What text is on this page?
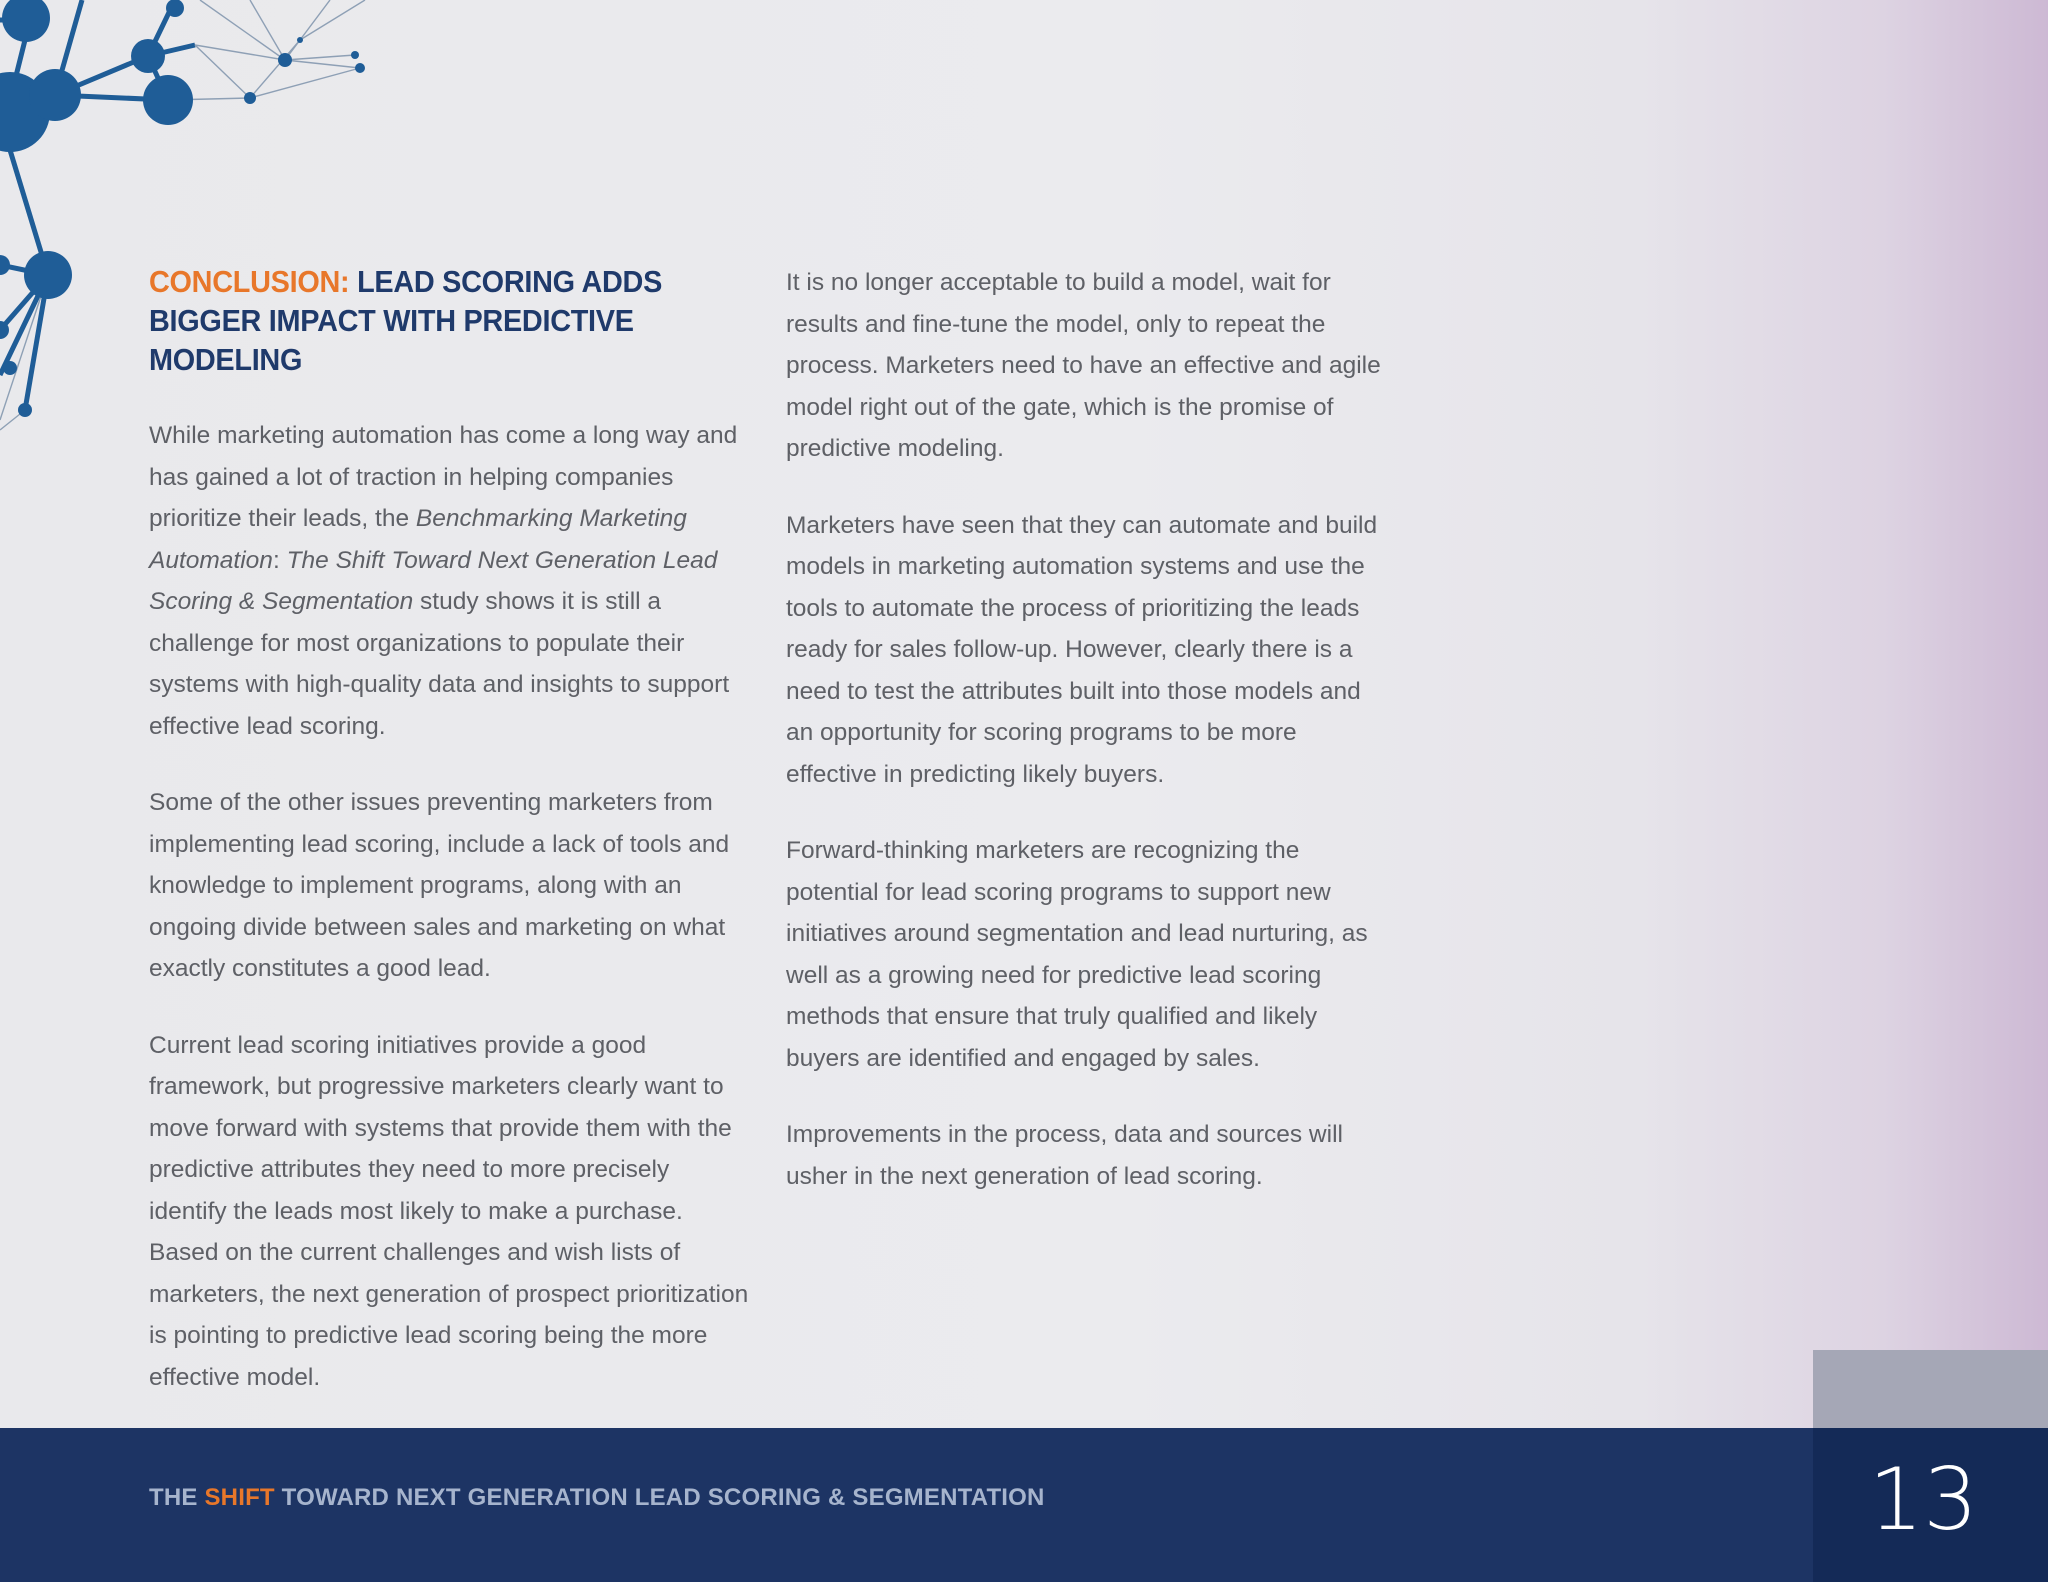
CONCLUSION: LEAD SCORING ADDS BIGGER IMPACT WITH PREDICTIVE MODELING

While marketing automation has come a long way and has gained a lot of traction in helping companies prioritize their leads, the Benchmarking Marketing Automation: The Shift Toward Next Generation Lead Scoring & Segmentation study shows it is still a challenge for most organizations to populate their systems with high-quality data and insights to support effective lead scoring.

Some of the other issues preventing marketers from implementing lead scoring, include a lack of tools and knowledge to implement programs, along with an ongoing divide between sales and marketing on what exactly constitutes a good lead.

Current lead scoring initiatives provide a good framework, but progressive marketers clearly want to move forward with systems that provide them with the predictive attributes they need to more precisely identify the leads most likely to make a purchase. Based on the current challenges and wish lists of marketers, the next generation of prospect prioritization is pointing to predictive lead scoring being the more effective model.

It is no longer acceptable to build a model, wait for results and fine-tune the model, only to repeat the process. Marketers need to have an effective and agile model right out of the gate, which is the promise of predictive modeling.

Marketers have seen that they can automate and build models in marketing automation systems and use the tools to automate the process of prioritizing the leads ready for sales follow-up. However, clearly there is a need to test the attributes built into those models and an opportunity for scoring programs to be more effective in predicting likely buyers.

Forward-thinking marketers are recognizing the potential for lead scoring programs to support new initiatives around segmentation and lead nurturing, as well as a growing need for predictive lead scoring methods that ensure that truly qualified and likely buyers are identified and engaged by sales.

Improvements in the process, data and sources will usher in the next generation of lead scoring.

THE SHIFT TOWARD NEXT GENERATION LEAD SCORING & SEGMENTATION	13
